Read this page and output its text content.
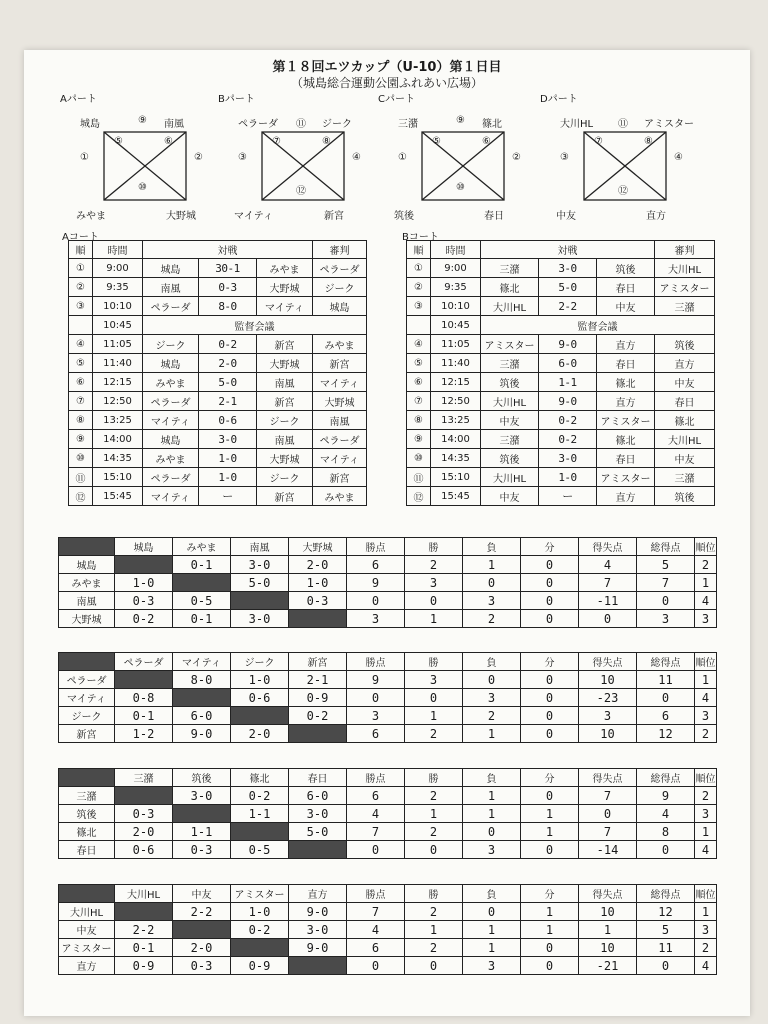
第１８回エツカップ（U-10）第１日目
（城島総合運動公園ふれあい広場）
Aパート
城島	南風
みやま	大野城
①	②
⑤	⑥
⑨
⑩
Bパート
ペラーダ	ジーク
マイティ	新宮
③	④
⑦	⑧
⑪
⑫
Cパート
三潴	篠北
筑後	春日
①	②
⑤	⑥
⑨
⑩
Dパート
大川HL	アミスター
中友	直方
③	④
⑦	⑧
⑪
⑫
Aコート
順	時間	対戦			審判
①	9:00	城島	30-1	みやま	ペラーダ
②	9:35	南風	0-3	大野城	ジーク
③	10:10	ペラーダ	8-0	マイティ	城島
	10:45	監督会議			
④	11:05	ジーク	0-2	新宮	みやま
⑤	11:40	城島	2-0	大野城	新宮
⑥	12:15	みやま	5-0	南風	マイティ
⑦	12:50	ペラーダ	2-1	新宮	大野城
⑧	13:25	マイティ	0-6	ジーク	南風
⑨	14:00	城島	3-0	南風	ペラーダ
⑩	14:35	みやま	1-0	大野城	マイティ
⑪	15:10	ペラーダ	1-0	ジーク	新宮
⑫	15:45	マイティ	ー	新宮	みやま
Bコート
順	時間	対戦			審判
①	9:00	三潴	3-0	筑後	大川HL
②	9:35	篠北	5-0	春日	アミスター
③	10:10	大川HL	2-2	中友	三潴
	10:45	監督会議			
④	11:05	アミスター	9-0	直方	筑後
⑤	11:40	三潴	6-0	春日	直方
⑥	12:15	筑後	1-1	篠北	中友
⑦	12:50	大川HL	9-0	直方	春日
⑧	13:25	中友	0-2	アミスター	篠北
⑨	14:00	三潴	0-2	篠北	大川HL
⑩	14:35	筑後	3-0	春日	中友
⑪	15:10	大川HL	1-0	アミスター	三潴
⑫	15:45	中友	ー	直方	筑後
	城島	みやま	南風	大野城	勝点	勝	負	分	得失点	総得点	順位
城島		0-1	3-0	2-0	6	2	1	0	4	5	2
みやま	1-0		5-0	1-0	9	3	0	0	7	7	1
南風	0-3	0-5		0-3	0	0	3	0	-11	0	4
大野城	0-2	0-1	3-0		3	1	2	0	0	3	3
	ペラーダ	マイティ	ジーク	新宮	勝点	勝	負	分	得失点	総得点	順位
ペラーダ		8-0	1-0	2-1	9	3	0	0	10	11	1
マイティ	0-8		0-6	0-9	0	0	3	0	-23	0	4
ジーク	0-1	6-0		0-2	3	1	2	0	3	6	3
新宮	1-2	9-0	2-0		6	2	1	0	10	12	2
	三潴	筑後	篠北	春日	勝点	勝	負	分	得失点	総得点	順位
三潴		3-0	0-2	6-0	6	2	1	0	7	9	2
筑後	0-3		1-1	3-0	4	1	1	1	0	4	3
篠北	2-0	1-1		5-0	7	2	0	1	7	8	1
春日	0-6	0-3	0-5		0	0	3	0	-14	0	4
	大川HL	中友	アミスター	直方	勝点	勝	負	分	得失点	総得点	順位
大川HL		2-2	1-0	9-0	7	2	0	1	10	12	1
中友	2-2		0-2	3-0	4	1	1	1	1	5	3
アミスター	0-1	2-0		9-0	6	2	1	0	10	11	2
直方	0-9	0-3	0-9		0	0	3	0	-21	0	4
